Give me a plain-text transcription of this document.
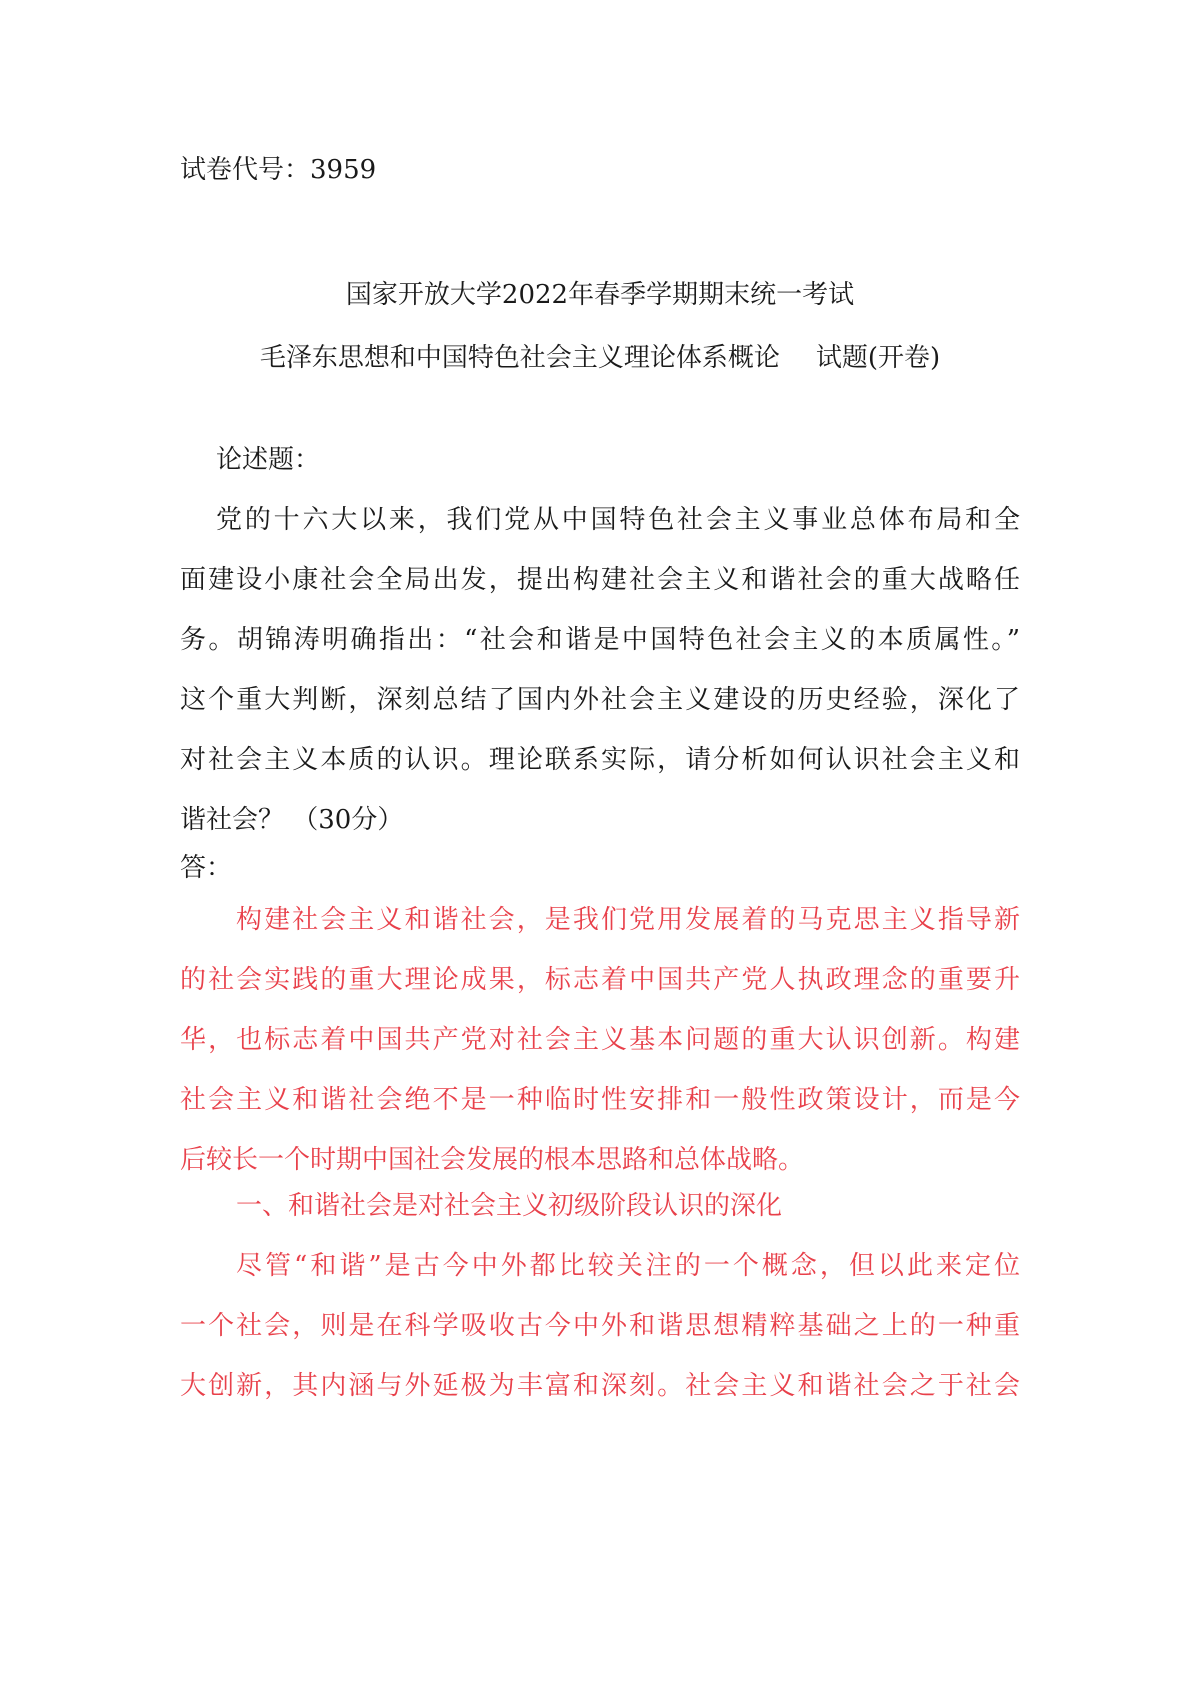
试卷代号：3959
国家开放大学2022年春季学期期末统一考试
毛泽东思想和中国特色社会主义理论体系概论 试题(开卷)
论述题：
党的十六大以来，我们党从中国特色社会主义事业总体布局和全
面建设小康社会全局出发，提出构建社会主义和谐社会的重大战略任
务。胡锦涛明确指出：“社会和谐是中国特色社会主义的本质属性。”
这个重大判断，深刻总结了国内外社会主义建设的历史经验，深化了
对社会主义本质的认识。理论联系实际，请分析如何认识社会主义和
谐社会？ （30分）
答：
构建社会主义和谐社会，是我们党用发展着的马克思主义指导新
的社会实践的重大理论成果，标志着中国共产党人执政理念的重要升
华，也标志着中国共产党对社会主义基本问题的重大认识创新。构建
社会主义和谐社会绝不是一种临时性安排和一般性政策设计，而是今
后较长一个时期中国社会发展的根本思路和总体战略。
一、和谐社会是对社会主义初级阶段认识的深化
尽管“和谐”是古今中外都比较关注的一个概念，但以此来定位
一个社会，则是在科学吸收古今中外和谐思想精粹基础之上的一种重
大创新，其内涵与外延极为丰富和深刻。社会主义和谐社会之于社会
